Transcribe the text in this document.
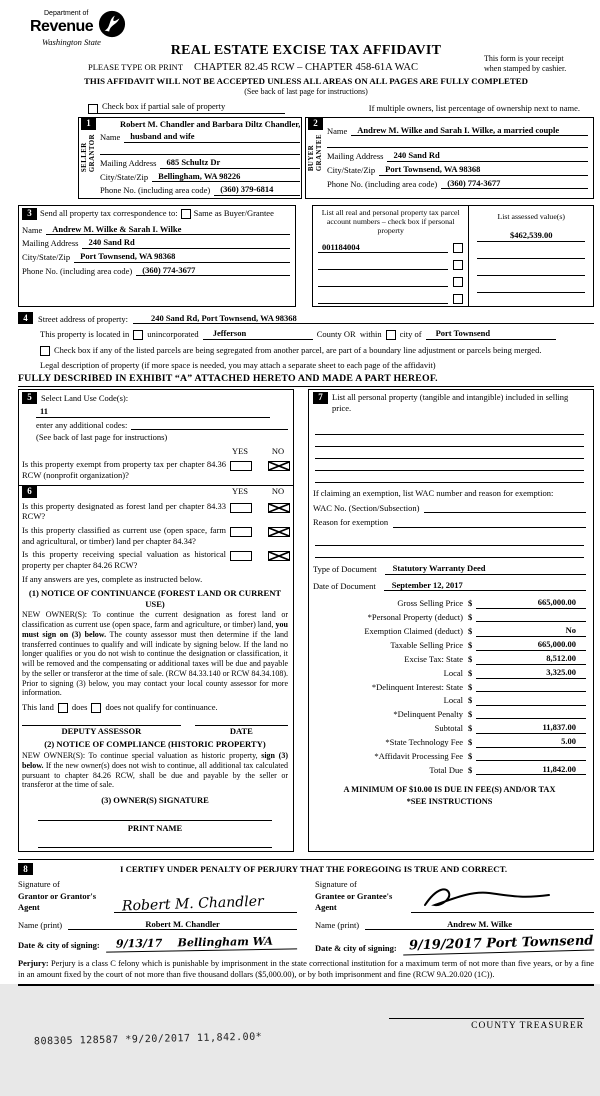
Department of
Revenue
Washington State
REAL ESTATE EXCISE TAX AFFIDAVIT
CHAPTER 82.45 RCW – CHAPTER 458-61A WAC
THIS AFFIDAVIT WILL NOT BE ACCEPTED UNLESS ALL AREAS ON ALL PAGES ARE FULLY COMPLETED
(See back of last page for instructions)
PLEASE TYPE OR PRINT
This form is your receipt
when stamped by cashier.
Check box if partial sale of property	If multiple owners, list percentage of ownership next to name.
1
SELLER GRANTOR
Robert M. Chandler and Barbara Diltz Chandler,
Name	husband and wife
Mailing Address	685 Schultz Dr
City/State/Zip	Bellingham, WA 98226
Phone No. (including area code)	(360) 379-6814
2
BUYER GRANTEE
Name	Andrew M. Wilke and Sarah I. Wilke, a married couple
Mailing Address	240 Sand Rd
City/State/Zip	Port Townsend, WA 98368
Phone No. (including area code)	(360) 774-3677
3 Send all property tax correspondence to: Same as Buyer/Grantee
Name	Andrew M. Wilke & Sarah I. Wilke
Mailing Address	240 Sand Rd
City/State/Zip	Port Townsend, WA 98368
Phone No. (including area code)	(360) 774-3677
List all real and personal property tax parcel account numbers – check box if personal property
001184004
List assessed value(s)
$462,539.00
4	Street address of property:	240 Sand Rd, Port Townsend, WA 98368
This property is located in unincorporated	Jefferson	County OR  within city of	Port Townsend
Check box if any of the listed parcels are being segregated from another parcel, are part of a boundary line adjustment or parcels being merged.
Legal description of property (if more space is needed, you may attach a separate sheet to each page of the affidavit)
FULLY DESCRIBED IN EXHIBIT “A” ATTACHED HERETO AND MADE A PART HEREOF.
5	Select Land Use Code(s):
11
enter any additional codes:
(See back of last page for instructions)
YES	NO
Is this property exempt from property tax per chapter 84.36 RCW (nonprofit organization)?
6	YES	NO
Is this property designated as forest land per chapter 84.33 RCW?
Is this property classified as current use (open space, farm and agricultural, or timber) land per chapter 84.34?
Is this property receiving special valuation as historical property per chapter 84.26 RCW?
If any answers are yes, complete as instructed below.
(1) NOTICE OF CONTINUANCE (FOREST LAND OR CURRENT USE)
NEW OWNER(S): To continue the current designation as forest land or classification as current use (open space, farm and agriculture, or timber) land, you must sign on (3) below. The county assessor must then determine if the land transferred continues to qualify and will indicate by signing below. If the land no longer qualifies or you do not wish to continue the designation or classification, it will be removed and the compensating or additional taxes will be due and payable by the seller or transferor at the time of sale. (RCW 84.33.140 or RCW 84.34.108). Prior to signing (3) below, you may contact your local county assessor for more information.
This land does does not qualify for continuance.
DEPUTY ASSESSOR	DATE
(2) NOTICE OF COMPLIANCE (HISTORIC PROPERTY)
NEW OWNER(S): To continue special valuation as historic property, sign (3) below. If the new owner(s) does not wish to continue, all additional tax calculated pursuant to chapter 84.26 RCW, shall be due and payable by the seller or transferor at the time of sale.
(3) OWNER(S) SIGNATURE
PRINT NAME
7	List all personal property (tangible and intangible) included in selling price.
If claiming an exemption, list WAC number and reason for exemption:
WAC No. (Section/Subsection)
Reason for exemption
Type of Document	Statutory Warranty Deed
Date of Document	September 12, 2017
Gross Selling Price $	665,000.00
*Personal Property (deduct) $
Exemption Claimed (deduct) $	No
Taxable Selling Price $	665,000.00
Excise Tax: State $	8,512.00
Local $	3,325.00
*Delinquent Interest: State $
Local $
*Delinquent Penalty $
Subtotal $	11,837.00
*State Technology Fee $	5.00
*Affidavit Processing Fee $
Total Due $	11,842.00
A MINIMUM OF $10.00 IS DUE IN FEE(S) AND/OR TAX
*SEE INSTRUCTIONS
8	I CERTIFY UNDER PENALTY OF PERJURY THAT THE FOREGOING IS TRUE AND CORRECT.
Signature of
Grantor or Grantor's Agent	Robert M. Chandler
Name (print)	Robert M. Chandler
Date & city of signing:	9/13/17    Bellingham WA
Signature of
Grantee or Grantee's Agent
Name (print)	Andrew M. Wilke
Date & city of signing: 9/19/2017 Port Townsend
Perjury: Perjury is a class C felony which is punishable by imprisonment in the state correctional institution for a maximum term of not more than five years, or by a fine in an amount fixed by the court of not more than five thousand dollars ($5,000.00), or by both imprisonment and fine (RCW 9A.20.020 (1C)).
808305 128587 *9/20/2017 11,842.00*
COUNTY TREASURER
